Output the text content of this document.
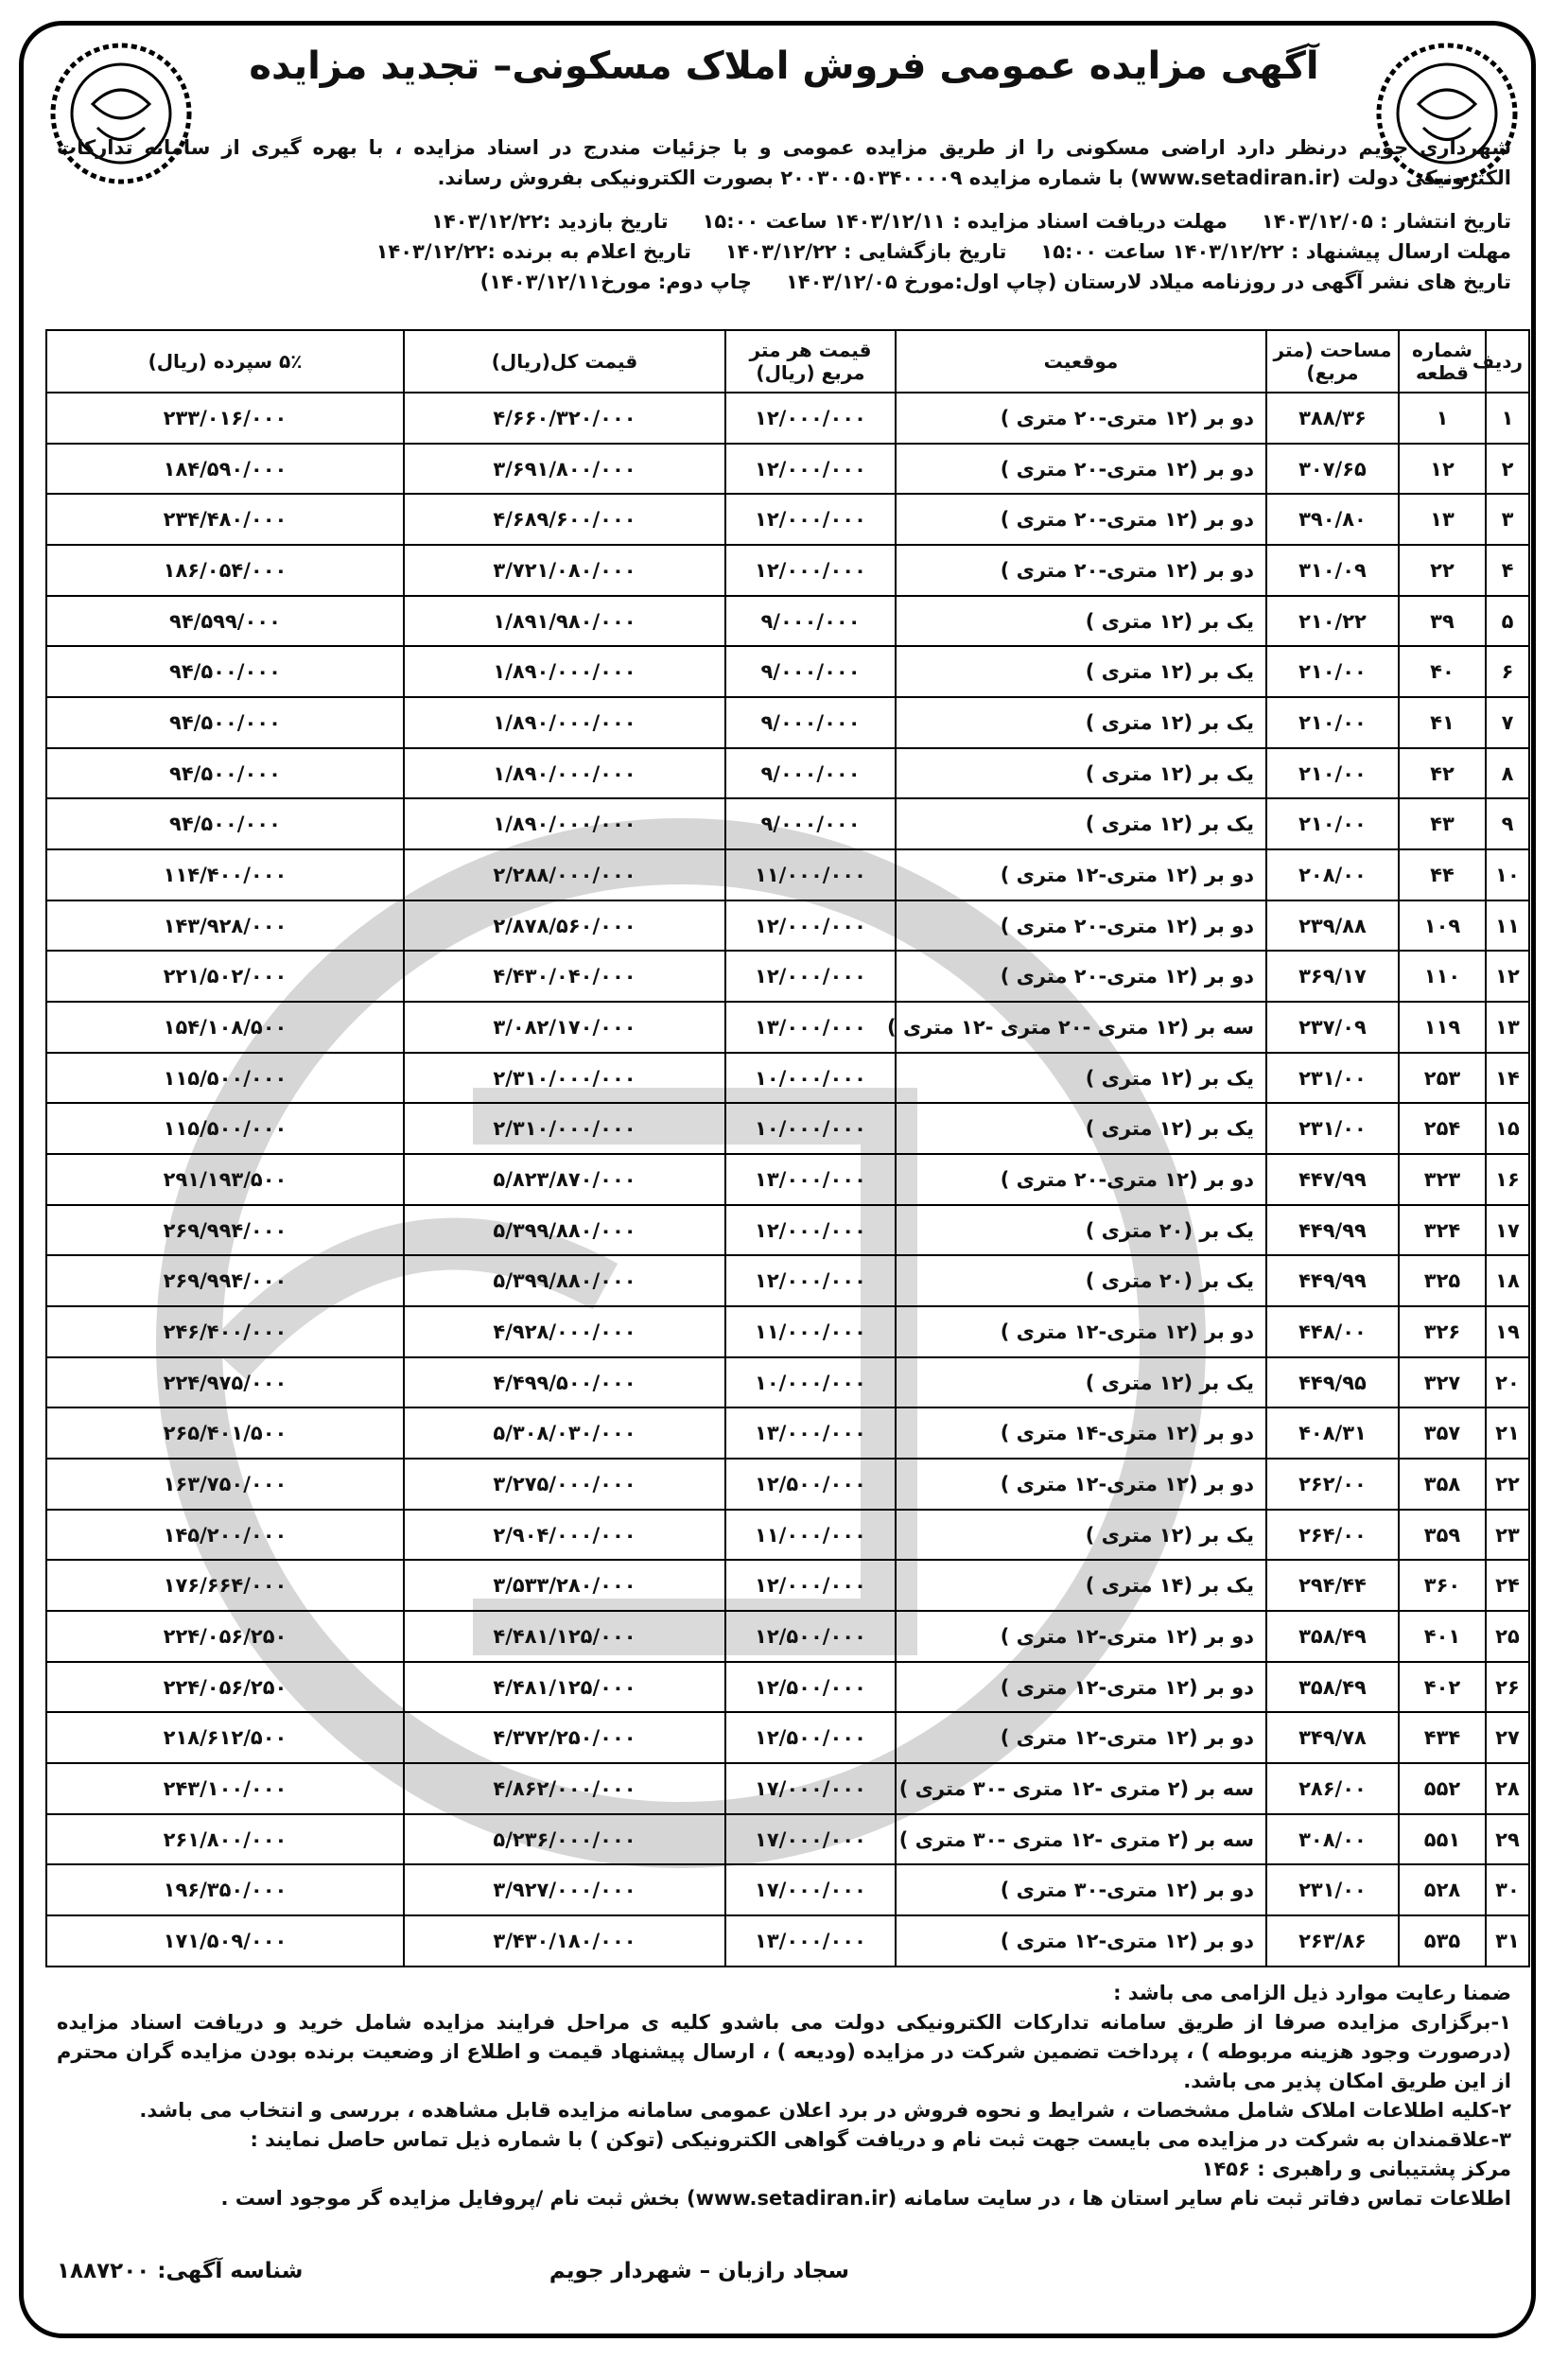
آگهی مزایده عمومی فروش املاک مسکونی– تجدید مزایده
شهرداری جویم درنظر دارد اراضی مسکونی را از طریق مزایده عمومی و با جزئیات مندرج در اسناد مزایده ، با بهره گیری از سامانه تدارکات الکترونیکی دولت (www.setadiran.ir) با شماره مزایده ۲۰۰۳۰۰۵۰۳۴۰۰۰۰۹ بصورت الکترونیکی بفروش رساند.
تاریخ انتشار : ۱۴۰۳/۱۲/۰۵
مهلت دریافت اسناد مزایده : ۱۴۰۳/۱۲/۱۱ ساعت ۱۵:۰۰
تاریخ بازدید :۱۴۰۳/۱۲/۲۲
مهلت ارسال پیشنهاد : ۱۴۰۳/۱۲/۲۲ ساعت ۱۵:۰۰
تاریخ بازگشایی : ۱۴۰۳/۱۲/۲۲
تاریخ اعلام به برنده :۱۴۰۳/۱۲/۲۲
تاریخ های نشر آگهی در روزنامه میلاد لارستان (چاپ اول:مورخ ۱۴۰۳/۱۲/۰۵
چاپ دوم: مورخ۱۴۰۳/۱۲/۱۱)
ردیف	شماره قطعه	مساحت (متر مربع)	موقعیت	قیمت هر متر مربع (ریال)	قیمت کل(ریال)	۵٪ سپرده (ریال)
۱	۱	۳۸۸/۳۶	دو بر (۱۲ متری-۲۰ متری )	۱۲/۰۰۰/۰۰۰	۴/۶۶۰/۳۲۰/۰۰۰	۲۳۳/۰۱۶/۰۰۰
۲	۱۲	۳۰۷/۶۵	دو بر (۱۲ متری-۲۰ متری )	۱۲/۰۰۰/۰۰۰	۳/۶۹۱/۸۰۰/۰۰۰	۱۸۴/۵۹۰/۰۰۰
۳	۱۳	۳۹۰/۸۰	دو بر (۱۲ متری-۲۰ متری )	۱۲/۰۰۰/۰۰۰	۴/۶۸۹/۶۰۰/۰۰۰	۲۳۴/۴۸۰/۰۰۰
۴	۲۲	۳۱۰/۰۹	دو بر (۱۲ متری-۲۰ متری )	۱۲/۰۰۰/۰۰۰	۳/۷۲۱/۰۸۰/۰۰۰	۱۸۶/۰۵۴/۰۰۰
۵	۳۹	۲۱۰/۲۲	یک بر (۱۲ متری )	۹/۰۰۰/۰۰۰	۱/۸۹۱/۹۸۰/۰۰۰	۹۴/۵۹۹/۰۰۰
۶	۴۰	۲۱۰/۰۰	یک بر (۱۲ متری )	۹/۰۰۰/۰۰۰	۱/۸۹۰/۰۰۰/۰۰۰	۹۴/۵۰۰/۰۰۰
۷	۴۱	۲۱۰/۰۰	یک بر (۱۲ متری )	۹/۰۰۰/۰۰۰	۱/۸۹۰/۰۰۰/۰۰۰	۹۴/۵۰۰/۰۰۰
۸	۴۲	۲۱۰/۰۰	یک بر (۱۲ متری )	۹/۰۰۰/۰۰۰	۱/۸۹۰/۰۰۰/۰۰۰	۹۴/۵۰۰/۰۰۰
۹	۴۳	۲۱۰/۰۰	یک بر (۱۲ متری )	۹/۰۰۰/۰۰۰	۱/۸۹۰/۰۰۰/۰۰۰	۹۴/۵۰۰/۰۰۰
۱۰	۴۴	۲۰۸/۰۰	دو بر (۱۲ متری-۱۲ متری )	۱۱/۰۰۰/۰۰۰	۲/۲۸۸/۰۰۰/۰۰۰	۱۱۴/۴۰۰/۰۰۰
۱۱	۱۰۹	۲۳۹/۸۸	دو بر (۱۲ متری-۲۰ متری )	۱۲/۰۰۰/۰۰۰	۲/۸۷۸/۵۶۰/۰۰۰	۱۴۳/۹۲۸/۰۰۰
۱۲	۱۱۰	۳۶۹/۱۷	دو بر (۱۲ متری-۲۰ متری )	۱۲/۰۰۰/۰۰۰	۴/۴۳۰/۰۴۰/۰۰۰	۲۲۱/۵۰۲/۰۰۰
۱۳	۱۱۹	۲۳۷/۰۹	سه بر (۱۲ متری -۲۰ متری -۱۲ متری )	۱۳/۰۰۰/۰۰۰	۳/۰۸۲/۱۷۰/۰۰۰	۱۵۴/۱۰۸/۵۰۰
۱۴	۲۵۳	۲۳۱/۰۰	یک بر (۱۲ متری )	۱۰/۰۰۰/۰۰۰	۲/۳۱۰/۰۰۰/۰۰۰	۱۱۵/۵۰۰/۰۰۰
۱۵	۲۵۴	۲۳۱/۰۰	یک بر (۱۲ متری )	۱۰/۰۰۰/۰۰۰	۲/۳۱۰/۰۰۰/۰۰۰	۱۱۵/۵۰۰/۰۰۰
۱۶	۳۲۳	۴۴۷/۹۹	دو بر (۱۲ متری-۲۰ متری )	۱۳/۰۰۰/۰۰۰	۵/۸۲۳/۸۷۰/۰۰۰	۲۹۱/۱۹۳/۵۰۰
۱۷	۳۲۴	۴۴۹/۹۹	یک بر (۲۰ متری )	۱۲/۰۰۰/۰۰۰	۵/۳۹۹/۸۸۰/۰۰۰	۲۶۹/۹۹۴/۰۰۰
۱۸	۳۲۵	۴۴۹/۹۹	یک بر (۲۰ متری )	۱۲/۰۰۰/۰۰۰	۵/۳۹۹/۸۸۰/۰۰۰	۲۶۹/۹۹۴/۰۰۰
۱۹	۳۲۶	۴۴۸/۰۰	دو بر (۱۲ متری-۱۲ متری )	۱۱/۰۰۰/۰۰۰	۴/۹۲۸/۰۰۰/۰۰۰	۲۴۶/۴۰۰/۰۰۰
۲۰	۳۲۷	۴۴۹/۹۵	یک بر (۱۲ متری )	۱۰/۰۰۰/۰۰۰	۴/۴۹۹/۵۰۰/۰۰۰	۲۲۴/۹۷۵/۰۰۰
۲۱	۳۵۷	۴۰۸/۳۱	دو بر (۱۲ متری-۱۴ متری )	۱۳/۰۰۰/۰۰۰	۵/۳۰۸/۰۳۰/۰۰۰	۲۶۵/۴۰۱/۵۰۰
۲۲	۳۵۸	۲۶۲/۰۰	دو بر (۱۲ متری-۱۲ متری )	۱۲/۵۰۰/۰۰۰	۳/۲۷۵/۰۰۰/۰۰۰	۱۶۳/۷۵۰/۰۰۰
۲۳	۳۵۹	۲۶۴/۰۰	یک بر (۱۲ متری )	۱۱/۰۰۰/۰۰۰	۲/۹۰۴/۰۰۰/۰۰۰	۱۴۵/۲۰۰/۰۰۰
۲۴	۳۶۰	۲۹۴/۴۴	یک بر (۱۴ متری )	۱۲/۰۰۰/۰۰۰	۳/۵۳۳/۲۸۰/۰۰۰	۱۷۶/۶۶۴/۰۰۰
۲۵	۴۰۱	۳۵۸/۴۹	دو بر (۱۲ متری-۱۲ متری )	۱۲/۵۰۰/۰۰۰	۴/۴۸۱/۱۲۵/۰۰۰	۲۲۴/۰۵۶/۲۵۰
۲۶	۴۰۲	۳۵۸/۴۹	دو بر (۱۲ متری-۱۲ متری )	۱۲/۵۰۰/۰۰۰	۴/۴۸۱/۱۲۵/۰۰۰	۲۲۴/۰۵۶/۲۵۰
۲۷	۴۳۴	۳۴۹/۷۸	دو بر (۱۲ متری-۱۲ متری )	۱۲/۵۰۰/۰۰۰	۴/۳۷۲/۲۵۰/۰۰۰	۲۱۸/۶۱۲/۵۰۰
۲۸	۵۵۲	۲۸۶/۰۰	سه بر (۲ متری -۱۲ متری -۳۰ متری )	۱۷/۰۰۰/۰۰۰	۴/۸۶۲/۰۰۰/۰۰۰	۲۴۳/۱۰۰/۰۰۰
۲۹	۵۵۱	۳۰۸/۰۰	سه بر (۲ متری -۱۲ متری -۳۰ متری )	۱۷/۰۰۰/۰۰۰	۵/۲۳۶/۰۰۰/۰۰۰	۲۶۱/۸۰۰/۰۰۰
۳۰	۵۲۸	۲۳۱/۰۰	دو بر (۱۲ متری-۳۰ متری )	۱۷/۰۰۰/۰۰۰	۳/۹۲۷/۰۰۰/۰۰۰	۱۹۶/۳۵۰/۰۰۰
۳۱	۵۳۵	۲۶۳/۸۶	دو بر (۱۲ متری-۱۲ متری )	۱۳/۰۰۰/۰۰۰	۳/۴۳۰/۱۸۰/۰۰۰	۱۷۱/۵۰۹/۰۰۰

ضمنا رعایت موارد ذیل الزامی می باشد :

۱-برگزاری مزایده صرفا از طریق سامانه تدارکات الکترونیکی دولت می باشدو کلیه ی مراحل فرایند مزایده شامل خرید و دریافت اسناد مزایده (درصورت وجود هزینه مربوطه ) ، پرداخت تضمین شرکت در مزایده (ودیعه ) ، ارسال پیشنهاد قیمت و اطلاع از وضعیت برنده بودن مزایده گران محترم از این طریق امکان پذیر می باشد.

۲-کلیه اطلاعات املاک شامل مشخصات ، شرایط و نحوه فروش در برد اعلان عمومی سامانه مزایده قابل مشاهده ، بررسی و انتخاب می باشد.

۳-علاقمندان به شرکت در مزایده می بایست جهت ثبت نام و دریافت گواهی الکترونیکی (توکن ) با شماره ذیل تماس حاصل نمایند :

مرکز پشتیبانی و راهبری : ۱۴۵۶

اطلاعات تماس دفاتر ثبت نام سایر استان ها ، در سایت سامانه (www.setadiran.ir) بخش ثبت نام /پروفایل مزایده گر موجود است .

سجاد رازبان – شهردار جویم
شناسه آگهی: ۱۸۸۷۲۰۰
